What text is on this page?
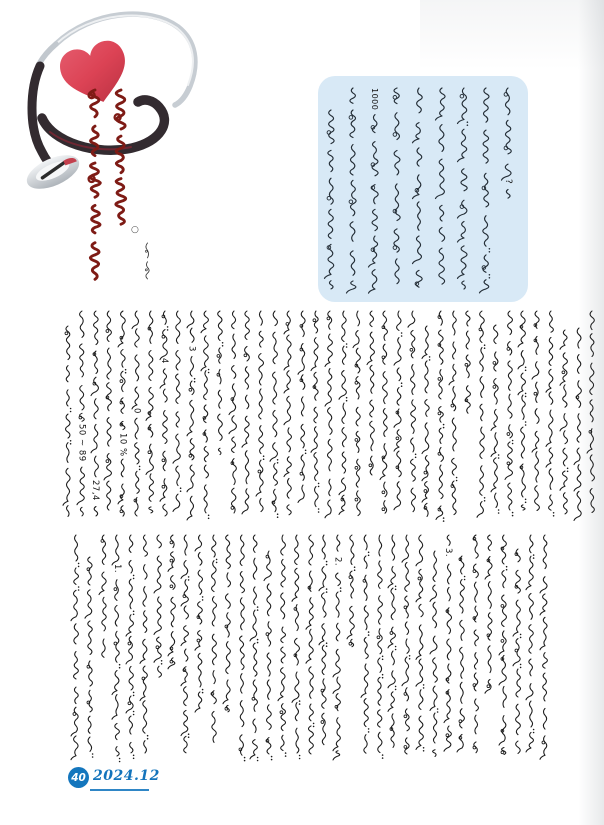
○
1000
?
50 ~ 89
27,4
10 %
0
4
3
1.
2.
3.
40 2024.12
